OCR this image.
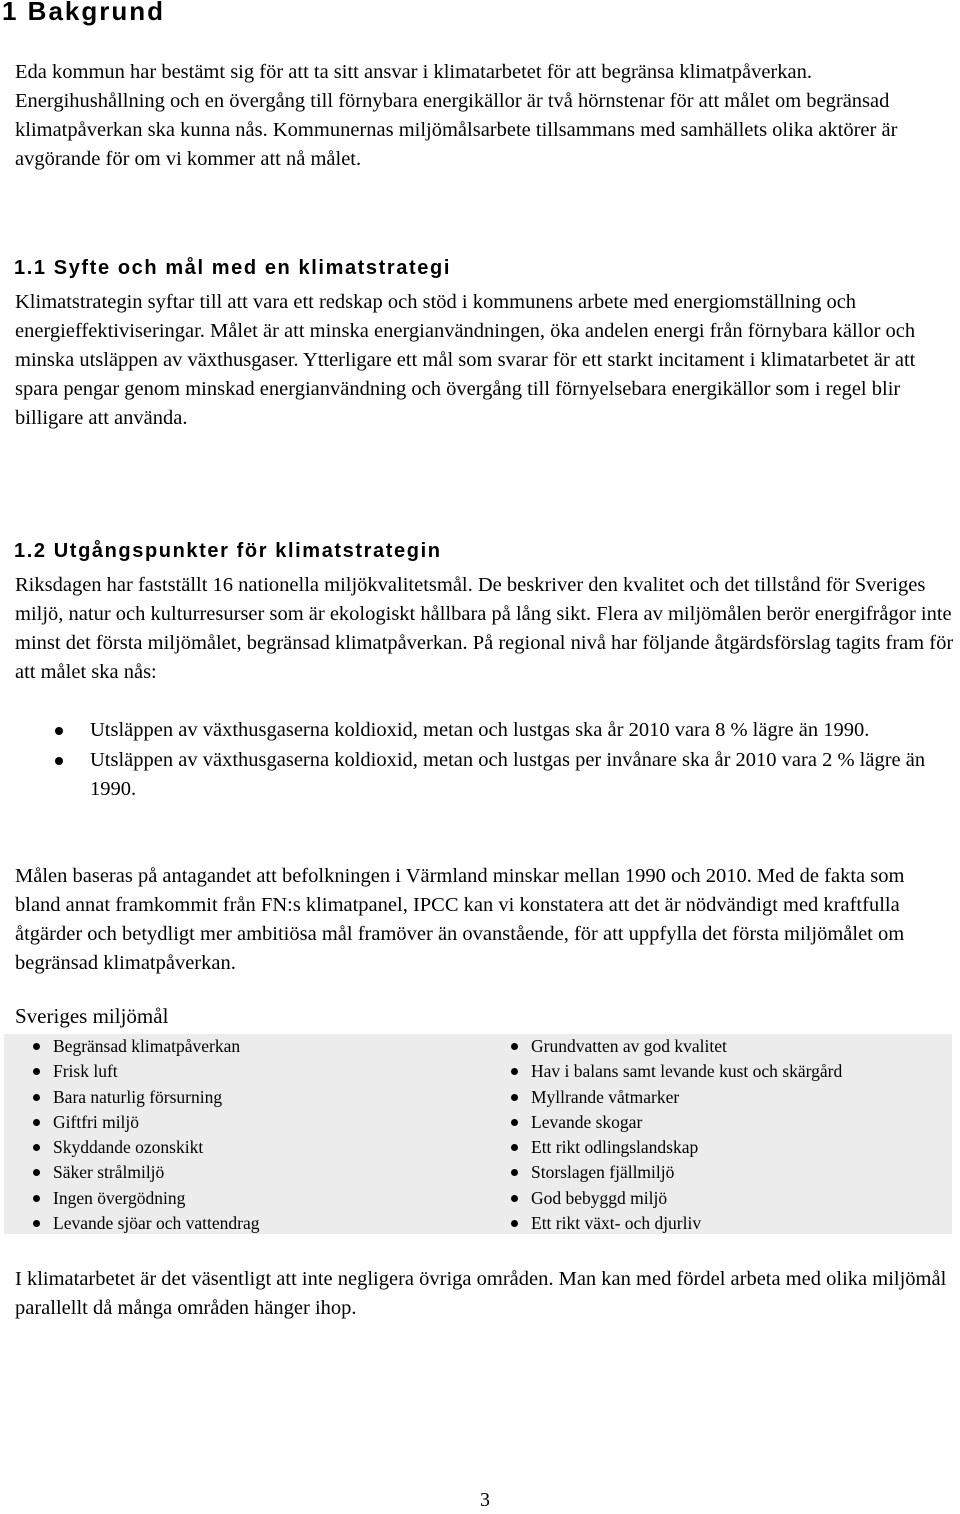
1 Bakgrund

Eda kommun har bestämt sig för att ta sitt ansvar i klimatarbetet för att begränsa klimatpåverkan. Energihushållning och en övergång till förnybara energikällor är två hörnstenar för att målet om begränsad klimatpåverkan ska kunna nås. Kommunernas miljömålsarbete tillsammans med samhällets olika aktörer är avgörande för om vi kommer att nå målet.

1.1 Syfte och mål med en klimatstrategi

Klimatstrategin syftar till att vara ett redskap och stöd i kommunens arbete med energiomställning och energieffektiviseringar. Målet är att minska energianvändningen, öka andelen energi från förnybara källor och minska utsläppen av växthusgaser. Ytterligare ett mål som svarar för ett starkt incitament i klimatarbetet är att spara pengar genom minskad energianvändning och övergång till förnyelsebara energikällor som i regel blir billigare att använda.

1.2 Utgångspunkter för klimatstrategin

Riksdagen har fastställt 16 nationella miljökvalitetsmål. De beskriver den kvalitet och det tillstånd för Sveriges miljö, natur och kulturresurser som är ekologiskt hållbara på lång sikt. Flera av miljömålen berör energifrågor inte minst det första miljömålet, begränsad klimatpåverkan. På regional nivå har följande åtgärdsförslag tagits fram för att målet ska nås:

Utsläppen av växthusgaserna koldioxid, metan och lustgas ska år 2010 vara 8 % lägre än 1990.
Utsläppen av växthusgaserna koldioxid, metan och lustgas per invånare ska år 2010 vara 2 % lägre än 1990.

Målen baseras på antagandet att befolkningen i Värmland minskar mellan 1990 och 2010. Med de fakta som bland annat framkommit från FN:s klimatpanel, IPCC kan vi konstatera att det är nödvändigt med kraftfulla åtgärder och betydligt mer ambitiösa mål framöver än ovanstående, för att uppfylla det första miljömålet om begränsad klimatpåverkan.

Sveriges miljömål

Begränsad klimatpåverkan
Frisk luft
Bara naturlig försurning
Giftfri miljö
Skyddande ozonskikt
Säker strålmiljö
Ingen övergödning
Levande sjöar och vattendrag
Grundvatten av god kvalitet
Hav i balans samt levande kust och skärgård
Myllrande våtmarker
Levande skogar
Ett rikt odlingslandskap
Storslagen fjällmiljö
God bebyggd miljö
Ett rikt växt- och djurliv

I klimatarbetet är det väsentligt att inte negligera övriga områden. Man kan med fördel arbeta med olika miljömål parallellt då många områden hänger ihop.

3
